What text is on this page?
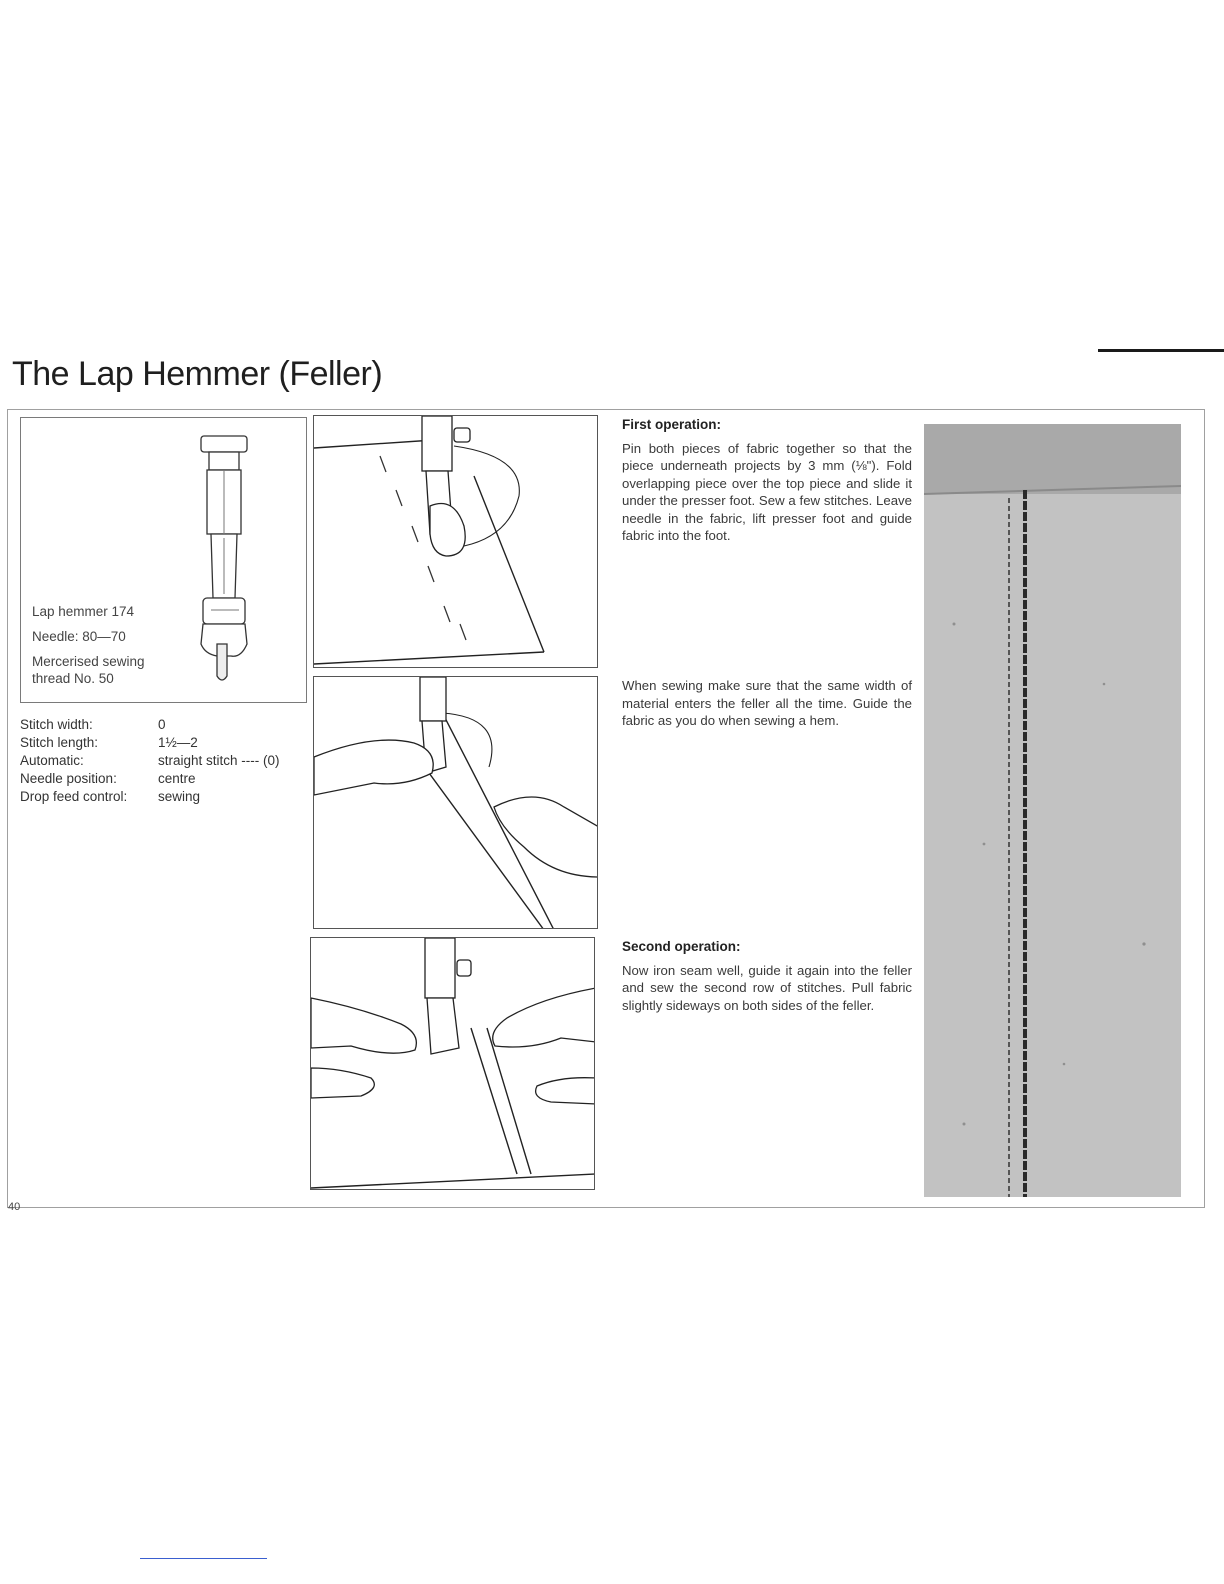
The Lap Hemmer (Feller)
Lap hemmer 174
Needle: 80—70
Mercerised sewing
thread No. 50
Stitch width:	0
Stitch length:	1½—2
Automatic:	straight stitch ---- (0)
Needle position:	centre
Drop feed control:	sewing
First operation:

Pin both pieces of fabric together so that the piece underneath projects by 3 mm (⅛"). Fold overlapping piece over the top piece and slide it under the presser foot. Sew a few stitches. Leave needle in the fabric, lift presser foot and guide fabric into the foot.

When sewing make sure that the same width of material enters the feller all the time. Guide the fabric as you do when sewing a hem.

Second operation:

Now iron seam well, guide it again into the feller and sew the second row of stitches. Pull fabric slightly sideways on both sides of the feller.

40
